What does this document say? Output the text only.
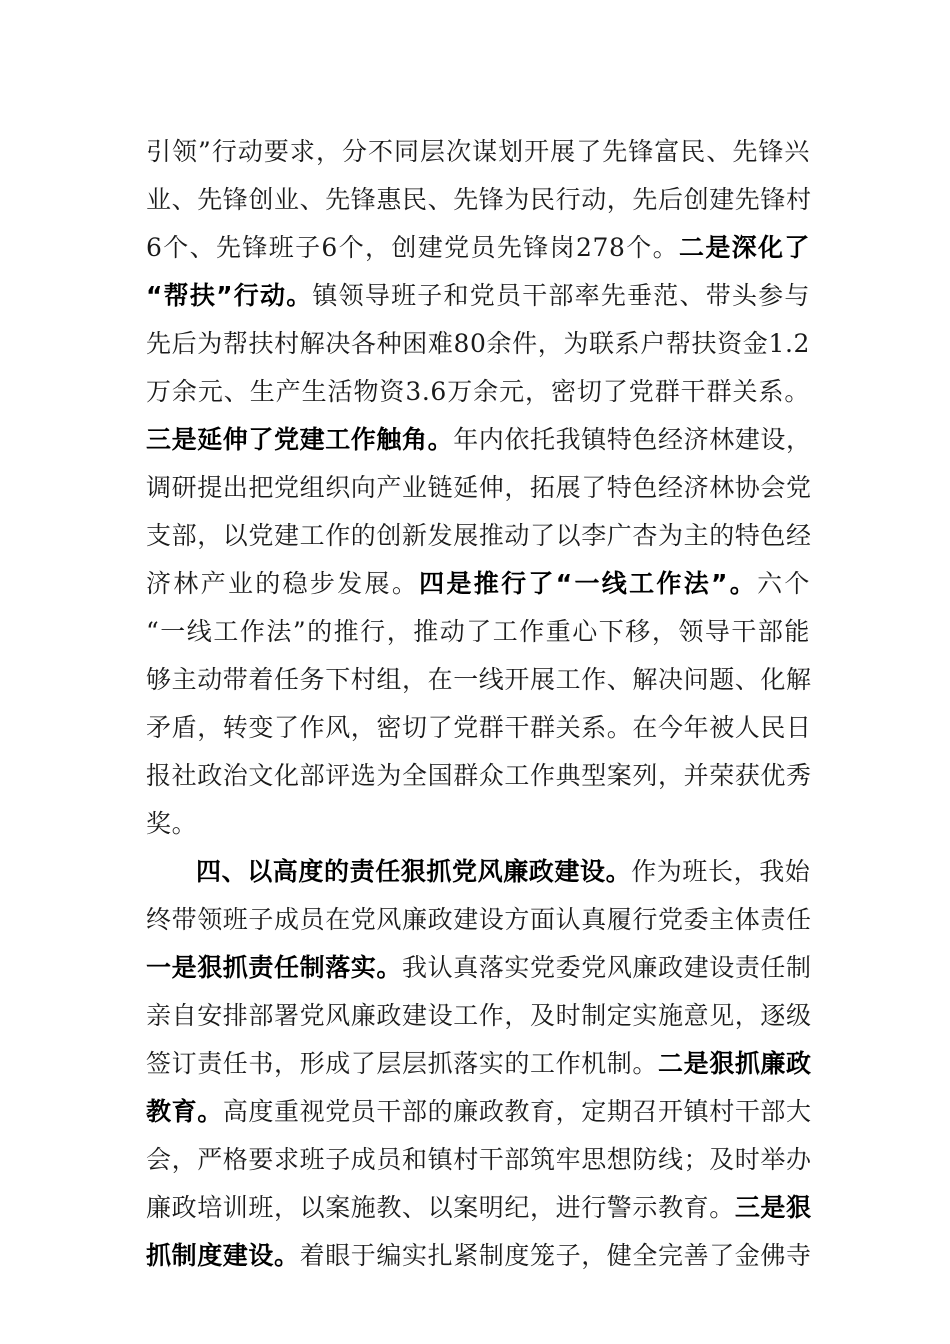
引领”行动要求，分不同层次谋划开展了先锋富民、先锋兴
业、先锋创业、先锋惠民、先锋为民行动，先后创建先锋村
6个、先锋班子6个，创建党员先锋岗278个。二是深化了
“帮扶”行动。镇领导班子和党员干部率先垂范、带头参与
先后为帮扶村解决各种困难80余件，为联系户帮扶资金1.2
万余元、生产生活物资3.6万余元，密切了党群干群关系。
三是延伸了党建工作触角。年内依托我镇特色经济林建设，
调研提出把党组织向产业链延伸，拓展了特色经济林协会党
支部，以党建工作的创新发展推动了以李广杏为主的特色经
济林产业的稳步发展。四是推行了“一线工作法”。六个
“一线工作法”的推行，推动了工作重心下移，领导干部能
够主动带着任务下村组，在一线开展工作、解决问题、化解
矛盾，转变了作风，密切了党群干群关系。在今年被人民日
报社政治文化部评选为全国群众工作典型案列，并荣获优秀
奖。
四、以高度的责任狠抓党风廉政建设。作为班长，我始
终带领班子成员在党风廉政建设方面认真履行党委主体责任
一是狠抓责任制落实。我认真落实党委党风廉政建设责任制
亲自安排部署党风廉政建设工作，及时制定实施意见，逐级
签订责任书，形成了层层抓落实的工作机制。二是狠抓廉政
教育。高度重视党员干部的廉政教育，定期召开镇村干部大
会，严格要求班子成员和镇村干部筑牢思想防线；及时举办
廉政培训班，以案施教、以案明纪，进行警示教育。三是狠
抓制度建设。着眼于编实扎紧制度笼子，健全完善了金佛寺
